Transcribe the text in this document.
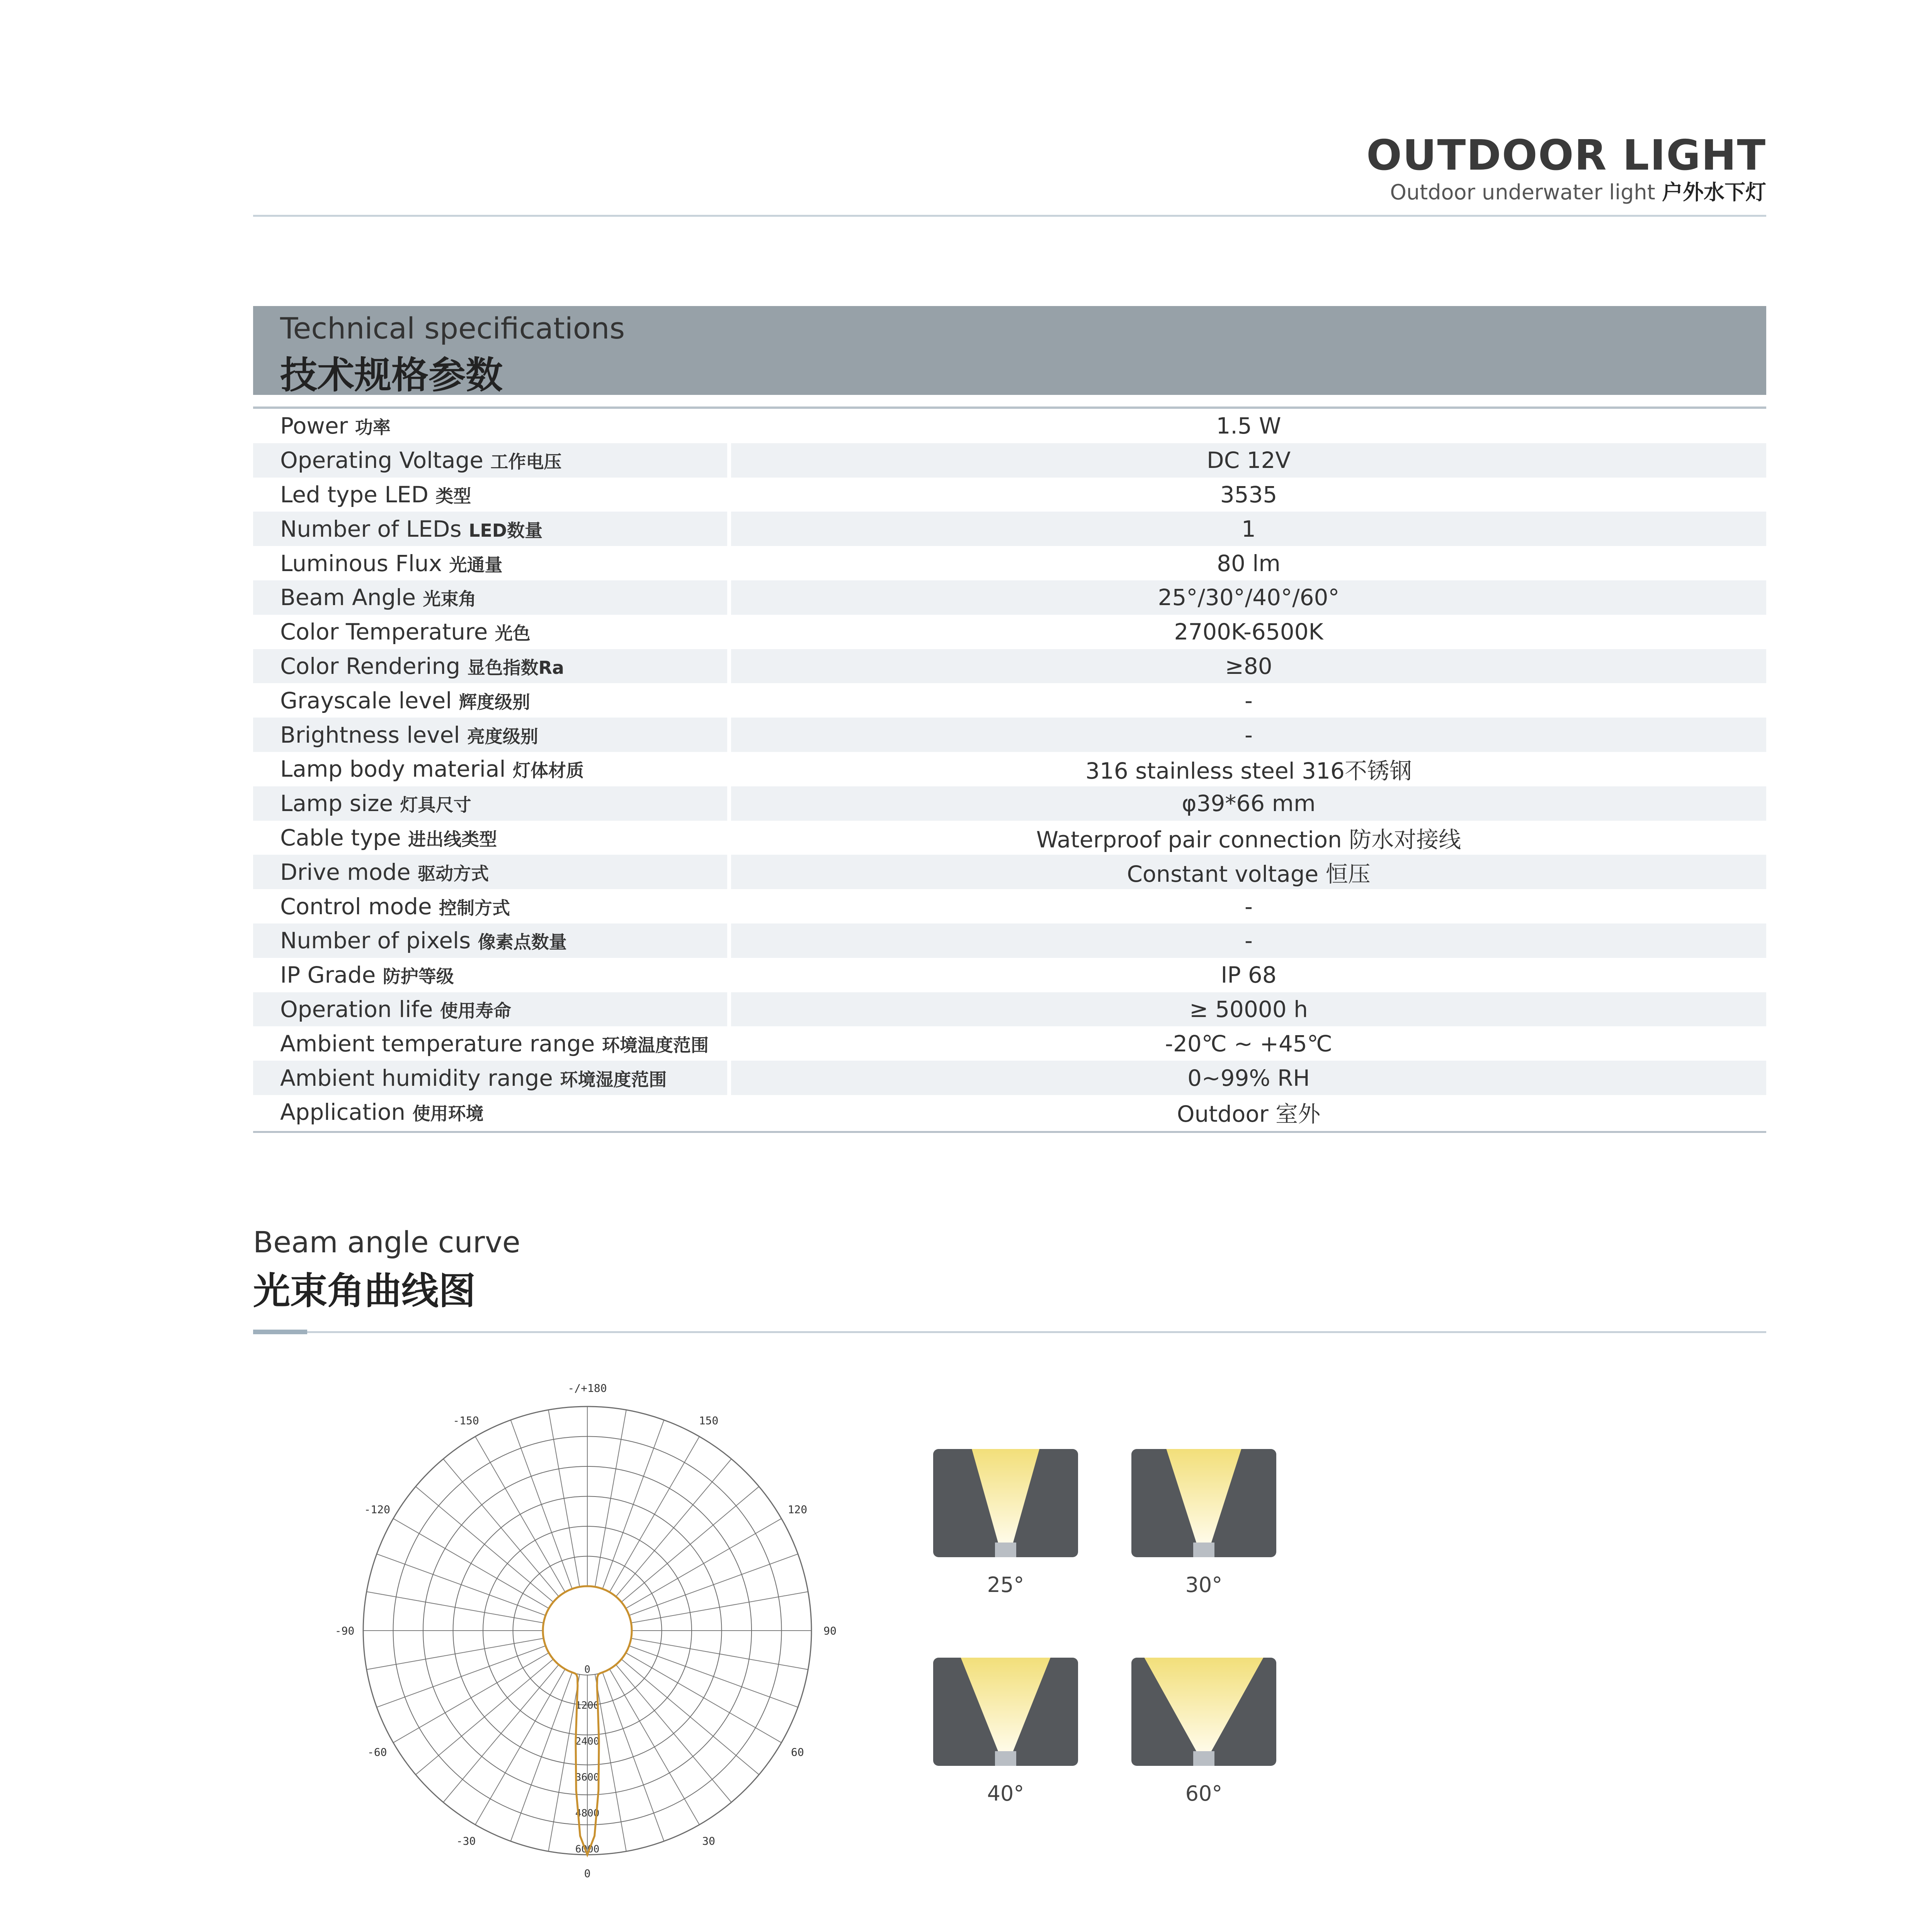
OUTDOOR LIGHT
Outdoor underwater light 户外水下灯
Technical specifications
技术规格参数
Power 功率	1.5 W
Operating Voltage 工作电压	DC 12V
Led type LED 类型	3535
Number of LEDs LED数量	1
Luminous Flux 光通量	80 lm
Beam Angle 光束角	25°/30°/40°/60°
Color Temperature 光色	2700K-6500K
Color Rendering 显色指数Ra	≥80
Grayscale level 辉度级别	-
Brightness level 亮度级别	-
Lamp body material 灯体材质	316 stainless steel 316不锈钢
Lamp size 灯具尺寸	φ39*66 mm
Cable type 进出线类型	Waterproof pair connection 防水对接线
Drive mode 驱动方式	Constant voltage 恒压
Control mode 控制方式	-
Number of pixels 像素点数量	-
IP Grade 防护等级	IP 68
Operation life 使用寿命	≥ 50000 h
Ambient temperature range 环境温度范围	-20℃ ~ +45℃
Ambient humidity range 环境湿度范围	0~99% RH
Application 使用环境	Outdoor 室外
Beam angle curve
光束角曲线图
0
1200
2400
3600
4800
6000
-/+180
150
120
90
60
30
0
-30
-60
-90
-120
-150
25°	30°
40°	60°
